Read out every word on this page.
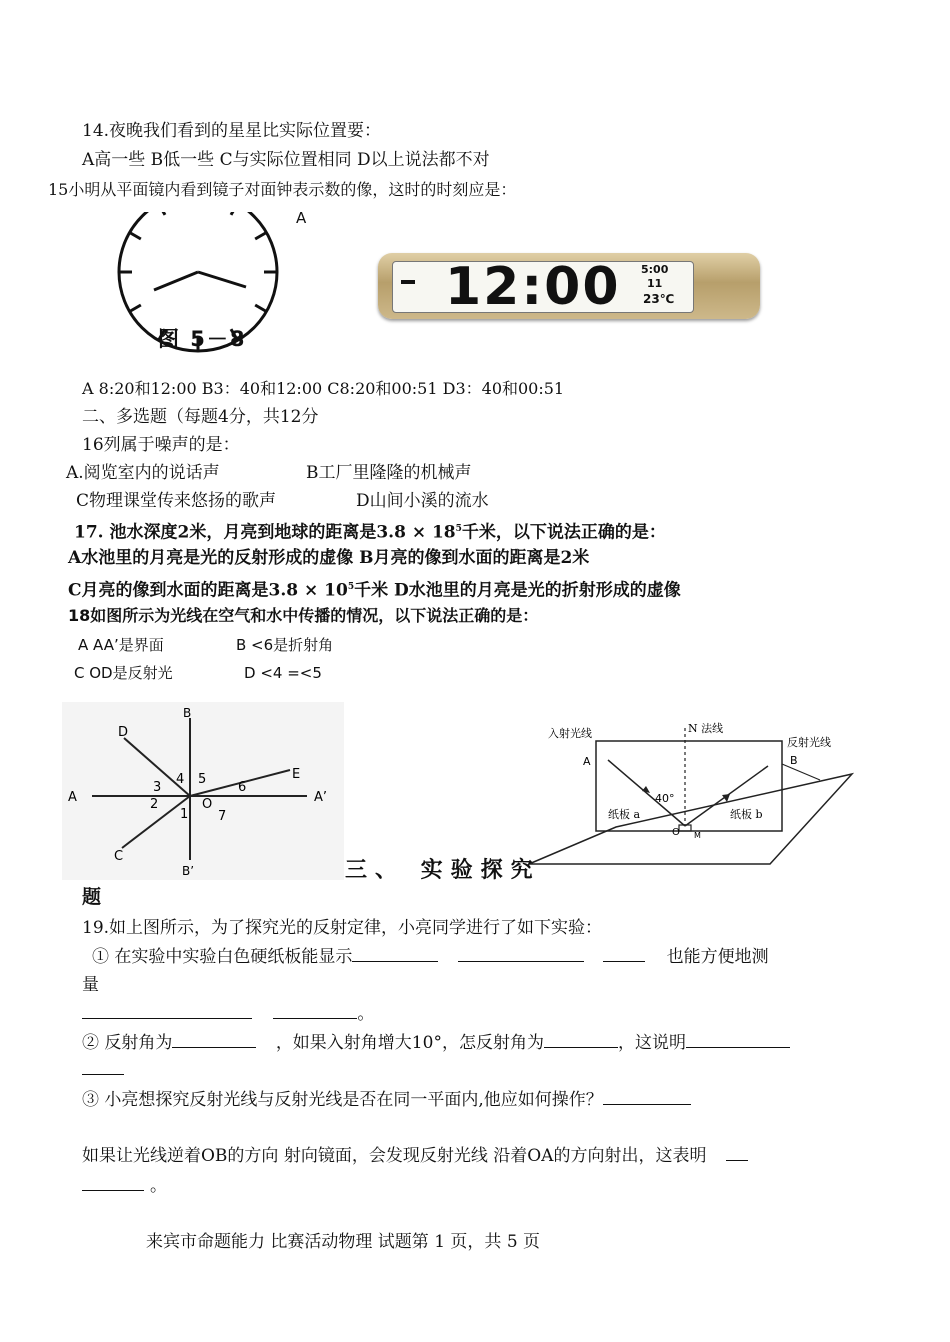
14.夜晚我们看到的星星比实际位置要：
A高一些 B低一些 C与实际位置相同 D以上说法都不对
15小明从平面镜内看到镜子对面钟表示数的像，这时的时刻应是：
A
图 5－8
12:00 5:00
11
23℃
A 8:20和12:00 B3：40和12:00 C8:20和00:51 D3：40和00:51
二、多选题（每题4分，共12分
16列属于噪声的是：
A.阅览室内的说话声	B工厂里隆隆的机械声
C物理课堂传来悠扬的歌声	D山间小溪的流水
17. 池水深度2米，月亮到地球的距离是$3.8 \times 18^5$千米，以下说法正确的是：
A水池里的月亮是光的反射形成的虚像 B月亮的像到水面的距离是2米
C月亮的像到水面的距离是$3.8 \times 10^5$千米 D水池里的月亮是光的折射形成的虚像
18如图所示为光线在空气和水中传播的情况，以下说法正确的是：
A AA’是界面	B <6是折射角
C OD是反射光	D <4 =<5
B
B’
A	A’
C
D
E
O
1
2
3
4 5
6
7
入射光线	N 法线
反射光线
A	B
40°
纸板 a	纸板 b
O M
三、 实验探究
题
19.如上图所示，为了探究光的反射定律，小亮同学进行了如下实验：
① 在实验中实验白色硬纸板能显示	也能方便地测
量
。
② 反射角为	，如果入射角增大10°，怎反射角为	，这说明
③ 小亮想探究反射光线与反射光线是否在同一平面内,他应如何操作？
如果让光线逆着OB的方向 射向镜面，会发现反射光线 沿着OA的方向射出，这表明
。
来宾市命题能力 比赛活动物理 试题第 1 页，共 5 页
